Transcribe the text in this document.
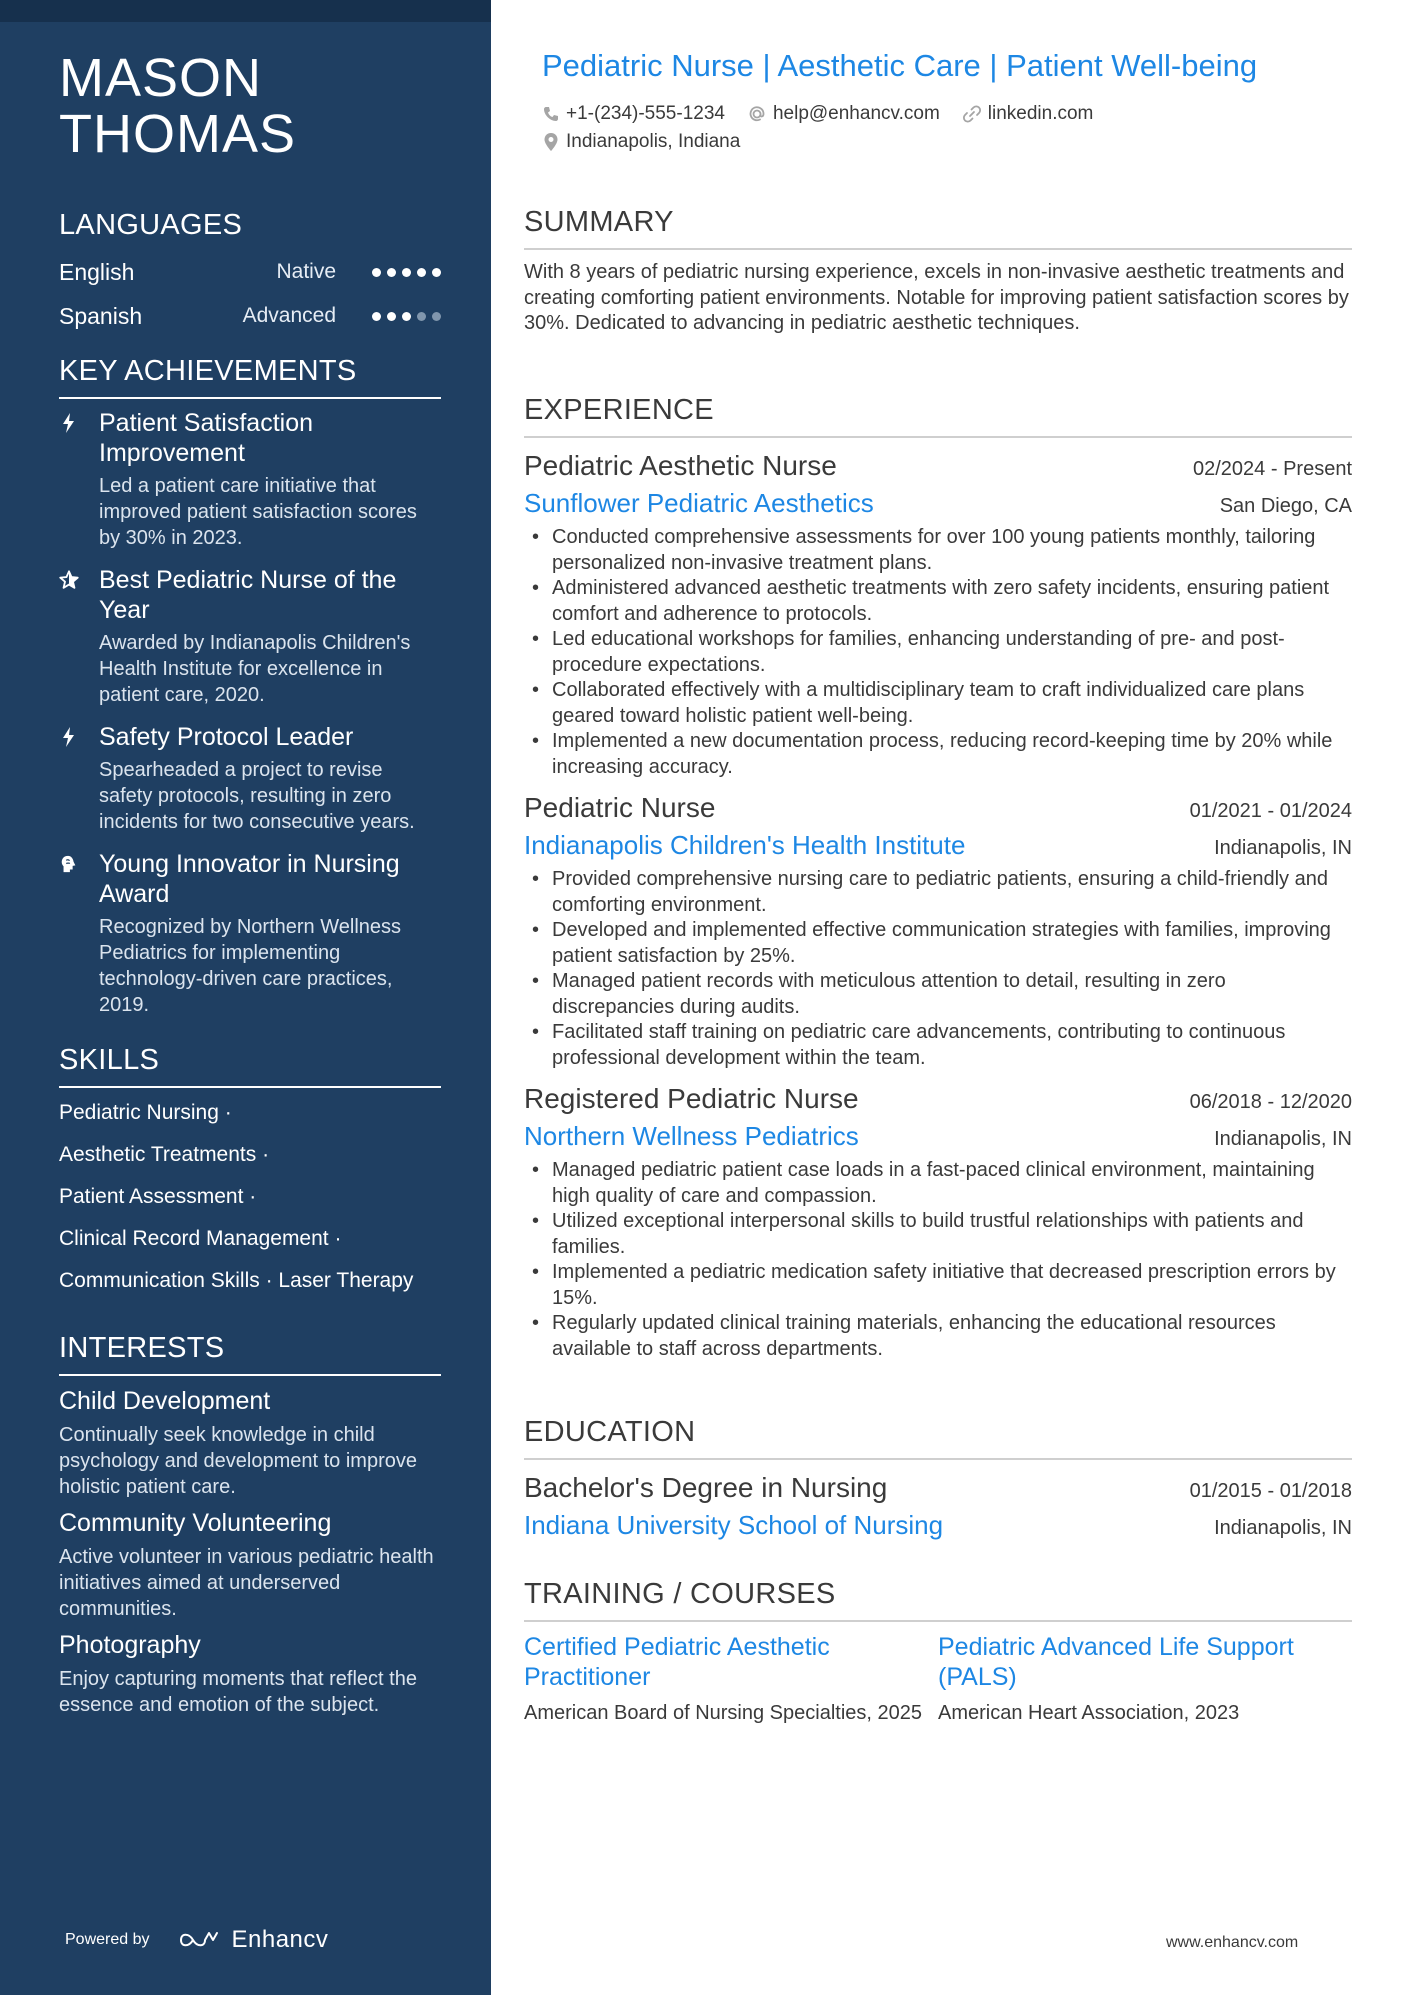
MASON
THOMAS
LANGUAGES
English	Native
Spanish	Advanced
KEY ACHIEVEMENTS
Patient Satisfaction Improvement
Led a patient care initiative that improved patient satisfaction scores by 30% in 2023.
Best Pediatric Nurse of the Year
Awarded by Indianapolis Children's Health Institute for excellence in patient care, 2020.
Safety Protocol Leader
Spearheaded a project to revise safety protocols, resulting in zero incidents for two consecutive years.
Young Innovator in Nursing Award
Recognized by Northern Wellness Pediatrics for implementing technology-driven care practices, 2019.
SKILLS
Pediatric Nursing ·
Aesthetic Treatments ·
Patient Assessment ·
Clinical Record Management ·
Communication Skills · Laser Therapy
INTERESTS
Child Development
Continually seek knowledge in child psychology and development to improve holistic patient care.
Community Volunteering
Active volunteer in various pediatric health initiatives aimed at underserved communities.
Photography
Enjoy capturing moments that reflect the essence and emotion of the subject.
Powered by	Enhancv
Pediatric Nurse | Aesthetic Care | Patient Well-being
+1-(234)-555-1234	help@enhancv.com	linkedin.com
Indianapolis, Indiana
SUMMARY
With 8 years of pediatric nursing experience, excels in non-invasive aesthetic treatments and creating comforting patient environments. Notable for improving patient satisfaction scores by 30%. Dedicated to advancing in pediatric aesthetic techniques.
EXPERIENCE
Pediatric Aesthetic Nurse	02/2024 - Present
Sunflower Pediatric Aesthetics	San Diego, CA
• Conducted comprehensive assessments for over 100 young patients monthly, tailoring personalized non-invasive treatment plans.
• Administered advanced aesthetic treatments with zero safety incidents, ensuring patient comfort and adherence to protocols.
• Led educational workshops for families, enhancing understanding of pre- and post-procedure expectations.
• Collaborated effectively with a multidisciplinary team to craft individualized care plans geared toward holistic patient well-being.
• Implemented a new documentation process, reducing record-keeping time by 20% while increasing accuracy.
Pediatric Nurse	01/2021 - 01/2024
Indianapolis Children's Health Institute	Indianapolis, IN
• Provided comprehensive nursing care to pediatric patients, ensuring a child-friendly and comforting environment.
• Developed and implemented effective communication strategies with families, improving patient satisfaction by 25%.
• Managed patient records with meticulous attention to detail, resulting in zero discrepancies during audits.
• Facilitated staff training on pediatric care advancements, contributing to continuous professional development within the team.
Registered Pediatric Nurse	06/2018 - 12/2020
Northern Wellness Pediatrics	Indianapolis, IN
• Managed pediatric patient case loads in a fast-paced clinical environment, maintaining high quality of care and compassion.
• Utilized exceptional interpersonal skills to build trustful relationships with patients and families.
• Implemented a pediatric medication safety initiative that decreased prescription errors by 15%.
• Regularly updated clinical training materials, enhancing the educational resources available to staff across departments.
EDUCATION
Bachelor's Degree in Nursing	01/2015 - 01/2018
Indiana University School of Nursing	Indianapolis, IN
TRAINING / COURSES
Certified Pediatric Aesthetic Practitioner
American Board of Nursing Specialties, 2025
Pediatric Advanced Life Support (PALS)
American Heart Association, 2023
www.enhancv.com
